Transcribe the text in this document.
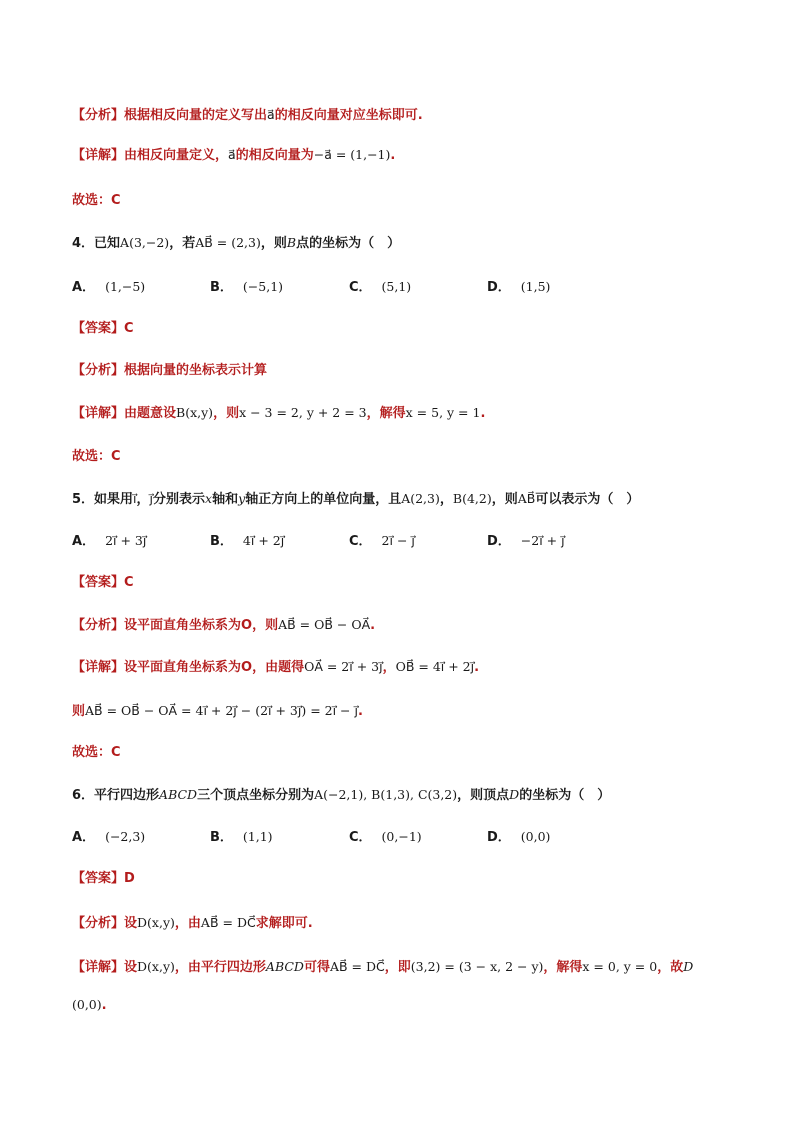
【分析】根据相反向量的定义写出a⃗的相反向量对应坐标即可.
【详解】由相反向量定义，a⃗的相反向量为−a⃗ = (1,−1).
故选：C
4．已知A(3,−2)，若AB⃗ = (2,3)，则B点的坐标为（　）
A． (1,−5)	B． (−5,1)	C． (5,1)	D． (1,5)
【答案】C
【分析】根据向量的坐标表示计算
【详解】由题意设B(x,y)，则x − 3 = 2, y + 2 = 3，解得x = 5, y = 1.
故选：C
5．如果用i⃗，j⃗分别表示x轴和y轴正方向上的单位向量，且A(2,3)，B(4,2)，则AB⃗可以表示为（　）
A． 2i⃗ + 3j⃗	B． 4i⃗ + 2j⃗	C． 2i⃗ − j⃗	D． −2i⃗ + j⃗
【答案】C
【分析】设平面直角坐标系为O，则AB⃗ = OB⃗ − OA⃗.
【详解】设平面直角坐标系为O，由题得OA⃗ = 2i⃗ + 3j⃗，OB⃗ = 4i⃗ + 2j⃗.
则AB⃗ = OB⃗ − OA⃗ = 4i⃗ + 2j⃗ − (2i⃗ + 3j⃗) = 2i⃗ − j⃗.
故选：C
6．平行四边形ABCD三个顶点坐标分别为A(−2,1), B(1,3), C(3,2)，则顶点D的坐标为（　）
A． (−2,3)	B． (1,1)	C． (0,−1)	D． (0,0)
【答案】D
【分析】设D(x,y)，由AB⃗ = DC⃗求解即可.
【详解】设D(x,y)，由平行四边形ABCD可得AB⃗ = DC⃗，即(3,2) = (3 − x, 2 − y)，解得x = 0, y = 0，故D
(0,0).
